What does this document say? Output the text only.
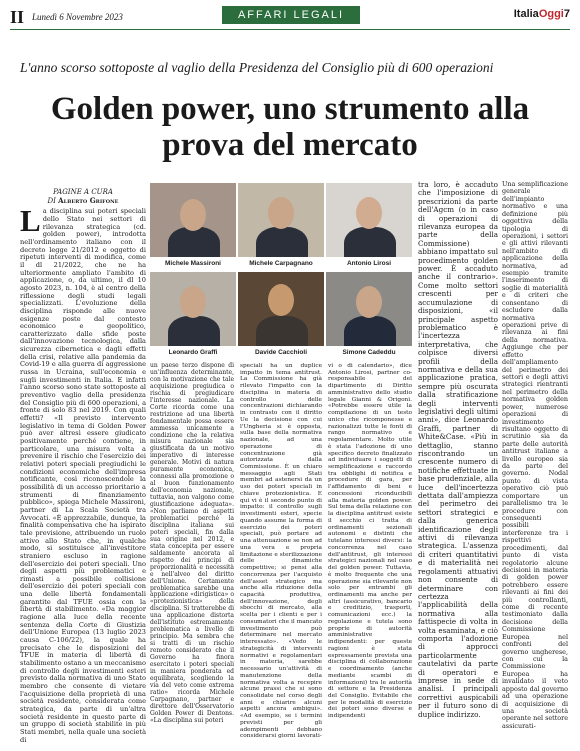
II Lunedì 6 Novembre 2023	AFFARI LEGALI	ItaliaOggi7
L'anno scorso sottoposte al vaglio della Presidenza del Consiglio più di 600 operazioni
Golden power, uno strumento alla prova del mercato
PAGINE A CURA
DI Alberto Grifone
L a disciplina sui poteri speciali dello Stato nei settori di rilevanza strategica (cd. golden power), introdotta nell'ordinamento italiano con il decreto legge 21/2012 e oggetto di ripetuti interventi di modifica, come il dl 21/2022, che ne ha ulteriormente ampliato l'ambito di applicazione, o, da ultimo, il dl 10 agosto 2023, n. 104, è al centro della riflessione degli studi legali specializzati. L'evoluzione della disciplina risponde alle nuove esigenze poste dal contesto economico e geopolitico, caratterizzato dalle sfide poste dall'innovazione tecnologica, dalla sicurezza cibernetica e dagli effetti della crisi, relative alla pandemia da Covid-19 e alla guerra di aggressione russa in Ucraina, sull'economia e sugli investimenti in Italia. E infatti l'anno scorso sono state sottoposte al preventivo vaglio della presidenza del Consiglio più di 600 operazioni, a fronte di solo 83 nel 2019. Con quali effetti? «Il previsto intervento legislativo in tema di Golden Power può aver altresì essere giudicato positivamente perché contiene, in particolare, una misura volta a prevenire il rischio che l'esercizio dei relativi poteri speciali pregiudichi le condizioni economiche dell'impresa notificante, così riconoscendole la possibilità di un accesso prioritario a strumenti di finanziamento pubblico», spiega Michele Massironi, partner di La Scala Società tra Avvocati. «È apprezzabile, dunque, la finalità compensativa che ha ispirato tale previsione, attribuendo un ruolo attivo allo Stato che, in qualche modo, si sostituisce all'investitore straniero escluso in ragione dell'esercizio dei poteri speciali. Uno degli aspetti più problematici e rimasti a possibile collisione dell'esercizio dei poteri speciali con una delle libertà fondamentali garantite dal TFUE ossia con la libertà di stabilimento. «Da maggior ragione alla luce della recente sentenza della Corte di Giustizia dell'Unione Europea (13 luglio 2023 causa C-106/22), la quale ha precisato che le disposizioni del TFUE in materia di libertà di stabilimento ostano a un meccanismo di controllo degli investimenti esteri previsto dalla normativa di uno Stato membro che consente di vietare l'acquisizione della proprietà di una società residente, considerata come strategica, da parte di un'altra società residente in questo parte di un gruppo di società stabilite in più Stati membri, nella quale una società di
Michele Massironi	Michele Carpagnano	Antonio Lirosi
Leonardo Graffi	Davide Cacchioli	Simone Cadeddu
un paese terzo dispone di un'influenza determinante, con la motivazione che tale acquisizione pregiudica o rischia di pregiudicare l'interesse nazionale. La Corte ricorda come una restrizione ad una libertà fondamentale possa essere ammessa unicamente a condizione che la relativa misura nazionale sia giustificata da un motivo imperativo di interesse generale. Motivi di natura puramente economica, connessi alla promozione o al buon funzionamento dell'economia nazionale, tuttavia, non valgono come giustificazione adeguata». «Non parliamo di aspetti problematici perché la disciplina italiana sui poteri speciali, fin dalla sua origine nel 2012, e stata concepita per essere saldamente ancorata al rispetto dei principi di proporzionalità e necessità e nell'alveo del diritto dell'Unione. Certamente problematica sarebbe una applicazione «dirigistica» o «protezionistica» della disciplina. Si tratterebbe di una applicazione distorta dell'istituto estremamente problematica a livello di principio. Ma sembra che si tratti di un rischio remoto considerato che il Governo ha finora esercitato i poteri speciali in maniera ponderata ed equilibrata, scegliendo la via del veto come extrema ratio» ricorda Michele Carpagnano, partner e direttore dell'Osservatorio Golden Power di Dentons. «La disciplina sui poteri
speciali ha un duplice impatto in tema antitrust. La Commissione ha già rilevato l'impatto con la disciplina in materia di controllo delle concentrazioni dichiarando in contrasto con il diritto Ue la decisione con cui l'Ungheria si è opposta, sulla base della normativa nazionale, ad una operazione di concentrazione già autorizzata dalla Commissione. È un chiaro messaggio agli Stati membri ad astenersi da un uso dei poteri speciali in chiave protezionistica. E qui vi è il secondo punto di impatto: il controllo sugli investimenti esteri, specie quando assume la forma di esercizio dei poteri speciali, può portare ad una attenuazione se non ad una vera e propria limitazione e sterilizzazione delle dinamiche competitive; si pensi alla concorrenza per l'acquisto dell'asset strategico ma anche alla riduzione della capacità produttiva, dell'innovazione, degli sbocchi di mercato, alla scelta per i clienti e per i consumatori che il mancato investimento può determinare nel mercato interessato». «Vedo le strategicità di interventi normativi e regolamentari in materia, sarebbe necessario un'attività di manutenzione della normativa volta a recepire alcune prassi che si sono consolidate nel corso degli anni e chiarire alcuni aspetti ancora ambigui». «Ad esempio, se i termini previsti per gli adempimenti debbano considerarsi giorni lavorati-
vi o di calendario», dice Antonio Lirosi, partner co-responsabile del dipartimento di Diritto amministrativo dello studio legale Gianni & Origoni. «Potrebbe essere utile la compilazione di un testo unico che ricomponesse e razionalizzi tutte le fonti di rango normativo e regolamentare. Molto utile è stata l'adozione di uno specifico decreto finalizzato ad individuare i soggetti di semplificazione e raccordo tra obblighi di notifica e procedure di gara, per l'affidamento di beni e concessioni riconducibili alla materia golden power. Sul tema della relazione con la disciplina antitrust esiste il secchio ci tratta di ordinamenti sezionali autonomi e distinti che tutelano interessi diversi: la concorrenza nel caso dell'antitrust, gli interessi strategici nazionali nel caso del golden power. Tuttavia, è molto frequente che una operazione sia rilevante non solo per entrambi gli ordinamenti ma anche per altri (assicurativo, bancario e creditizio, trasporti, comunicazioni ecc.) la regolazione e tutela sono proprie di autorità amministrative indipendenti: per queste ragioni è stata espressamente prevista una disciplina di collaborazione e coordinamento (anche mediante scambi di informazioni) tra le autorità di settore e la Presidenza del Consiglio. Evitabile che per le modalità di esercizio dei poteri sono diverse e indipendenti
tra loro, è accaduto che l'imposizione di prescrizioni da parte dell'Agcm (o in caso di operazioni di rilevanza europea da parte della Commissione) abbiano impattato sul procedimento golden power. È accaduto anche il contrario». Come molto settori crescenti per accumulazione di disposizioni, «il principale aspetto problematico è l'incertezza interpretativa, che colpisce diversi profili della normativa e della sua applicazione pratica, sempre più oscurata dalla stratificazione degli interventi legislativi degli ultimi anni», dice Leonardo Graffi, partner di White&Case. «Più in dettaglio, stanno riscontrando un crescente numero di notifiche effettuate in base prudenziale, alla luce dell'incertezza dettata dall'ampiezza del perimetro dei settori strategici e dalla generica identificazione degli attivi di rilevanza strategica. L'assenza di criteri quantitativi e di materialità nei regolamenti attuativi non consente di determinare con certezza l'applicabilità della normativa alla fattispecie di volta in volta esaminata, e ciò comporta l'adozione di approcci particolarmente cautelativi da parte di operatori e imprese in sede di analisi. I principali correttivi auspicabili per il futuro sono di duplice indirizzo.
Una semplificazione generale dell'impianto normativo e una definizione più oggettiva della tipologia di operazioni, i settori e gli attivi rilevanti nell'ambito di applicazione della normativa, ad esempio tramite l'inserimento di soglie di materialità e di criteri che consentano di escludere dalla normativa operazioni prive di rilevanza ai fini della normativa. Aggiunge che per effetto dell'ampliamento del perimetro dei settori e degli attivi strategici rientranti nel perimetro della normativa golden power, numerose operazioni di investimento risultano oggetto di scrutinio sia da parte delle autorità antitrust italiane a livello europeo sia da parte del governo. Nodal punto di vista operativo ciò può comportare un parallelismo tra le procedure con conseguenti possibili interferenze tra i rispettivi procedimenti, dal punto di vista regolatorio alcune decisioni in materia di golden power potrebbero essere rilevanti ai fini dei più controllanti, come di recente testimoniato dalla decisione della Commissione Europea nel confronti del governo ungherese, con cui la Commissione Europea ha invalidato il veto apposto dal governo ad una operazione di acquisizione di una società operante nel settore assicurati-
